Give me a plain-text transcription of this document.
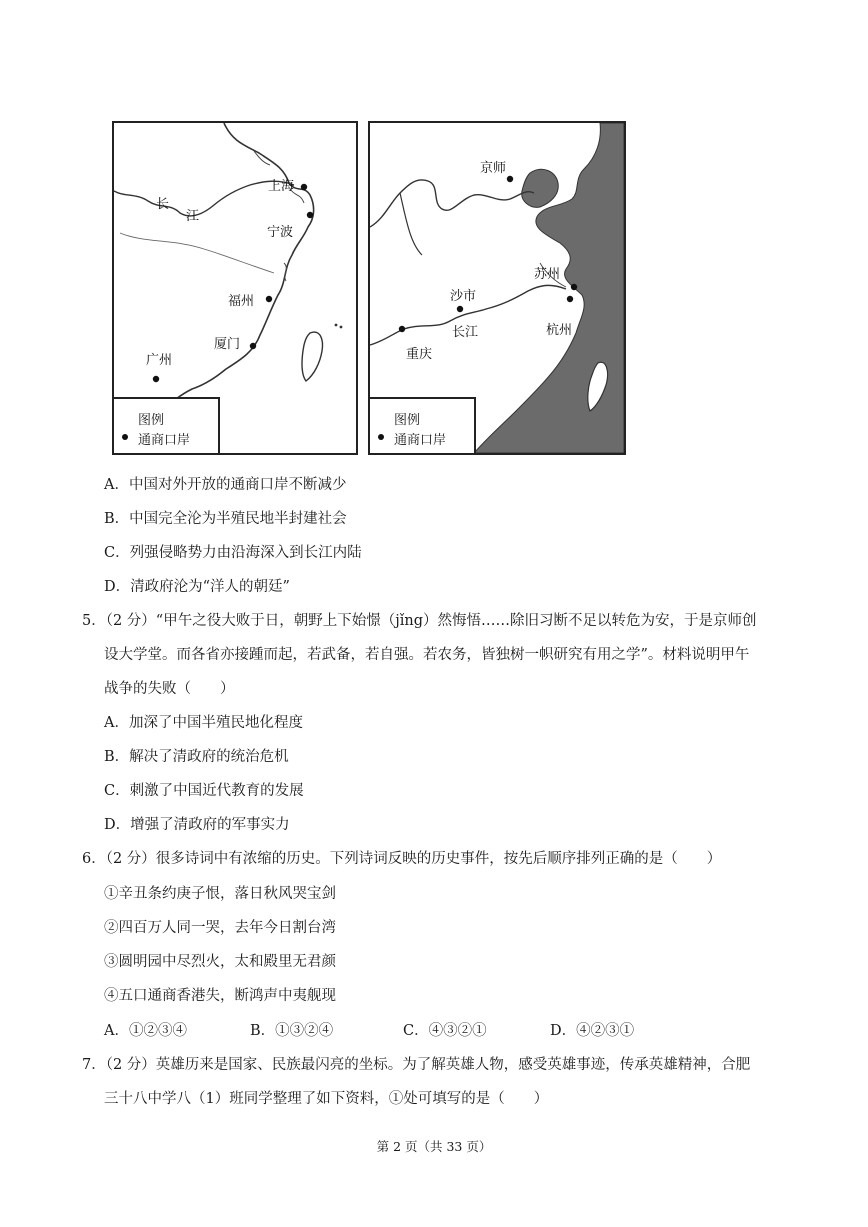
上海
宁波
福州
厦门
广州
长
江
图例
通商口岸
京师
苏州
沙市
杭州
重庆
长江
图例
通商口岸
A．中国对外开放的通商口岸不断减少
B．中国完全沦为半殖民地半封建社会
C．列强侵略势力由沿海深入到长江内陆
D．清政府沦为“洋人的朝廷”
5．（2 分）“甲午之役大败于日，朝野上下始憬（jǐng）然悔悟……除旧习断不足以转危为安，于是京师创
设大学堂。而各省亦接踵而起，若武备，若自强。若农务，皆独树一帜研究有用之学”。材料说明甲午
战争的失败（　　）
A．加深了中国半殖民地化程度
B．解决了清政府的统治危机
C．刺激了中国近代教育的发展
D．增强了清政府的军事实力
6．（2 分）很多诗词中有浓缩的历史。下列诗词反映的历史事件，按先后顺序排列正确的是（　　）
①辛丑条约庚子恨，落日秋风哭宝剑
②四百万人同一哭，去年今日割台湾
③圆明园中尽烈火，太和殿里无君颜
④五口通商香港失，断鸿声中夷舰现
A．①②③④	B．①③②④	C．④③②①	D．④②③①
7．（2 分）英雄历来是国家、民族最闪亮的坐标。为了解英雄人物，感受英雄事迹，传承英雄精神，合肥
三十八中学八（1）班同学整理了如下资料，①处可填写的是（　　）
第 2 页（共 33 页）
